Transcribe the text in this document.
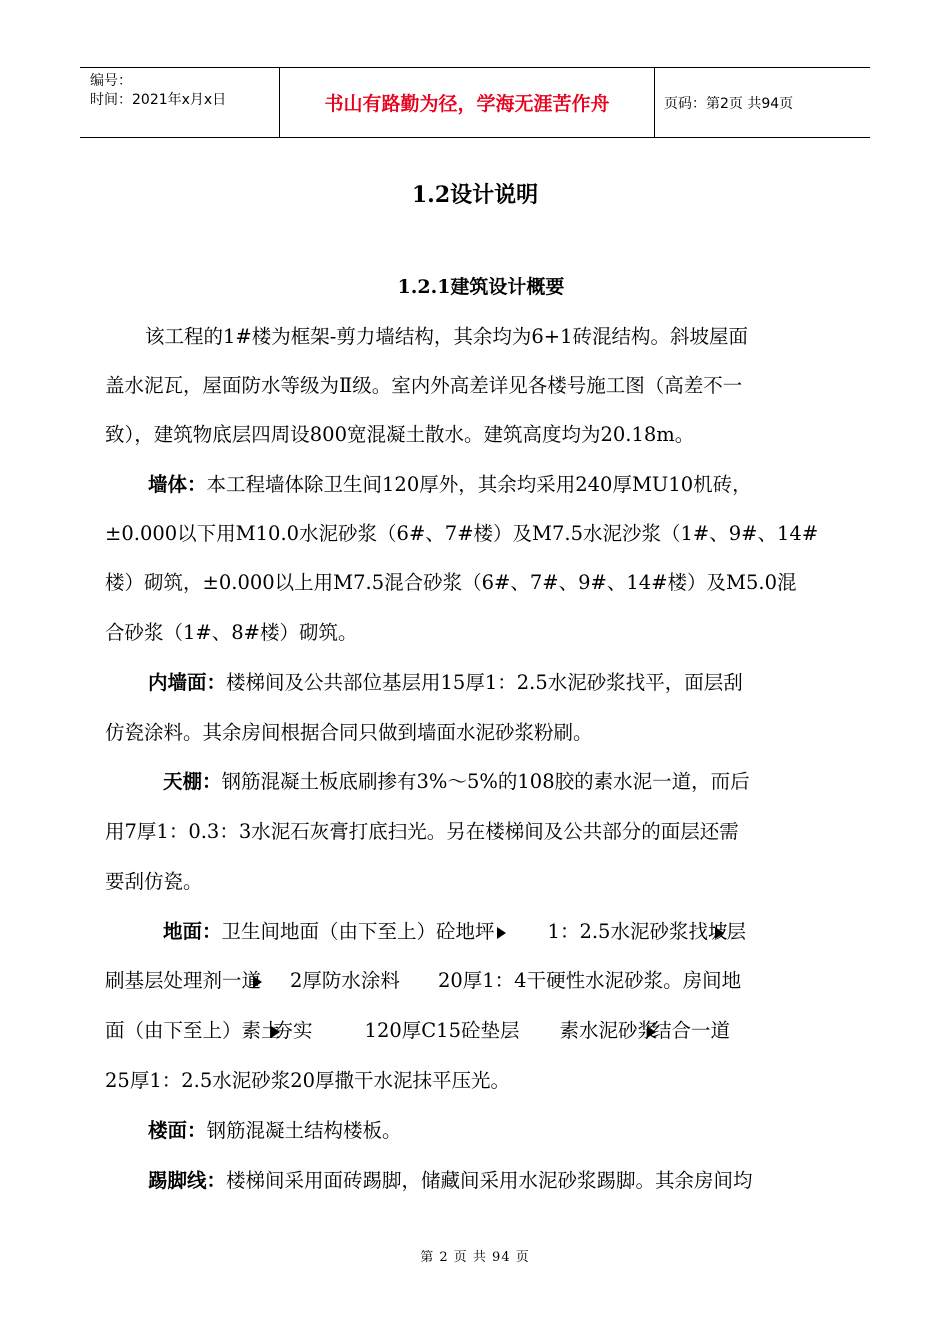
编号：
时间：2021年x月x日	书山有路勤为径，学海无涯苦作舟	页码：第2页 共94页
1.2设计说明
1.2.1建筑设计概要
该工程的1#楼为框架-剪力墙结构，其余均为6+1砖混结构。斜坡屋面
盖水泥瓦，屋面防水等级为Ⅱ级。室内外高差详见各楼号施工图（高差不一
致），建筑物底层四周设800宽混凝土散水。建筑高度均为20.18m。
墙体：本工程墙体除卫生间120厚外，其余均采用240厚MU10机砖，
±0.000以下用M10.0水泥砂浆（6#、7#楼）及M7.5水泥沙浆（1#、9#、14#
楼）砌筑，±0.000以上用M7.5混合砂浆（6#、7#、9#、14#楼）及M5.0混
合砂浆（1#、8#楼）砌筑。
内墙面：楼梯间及公共部位基层用15厚1：2.5水泥砂浆找平，面层刮
仿瓷涂料。其余房间根据合同只做到墙面水泥砂浆粉刷。
天棚：钢筋混凝土板底刷掺有3%～5%的108胶的素水泥一道，而后
用7厚1：0.3：3水泥石灰膏打底扫光。另在楼梯间及公共部分的面层还需
要刮仿瓷。
地面：卫生间地面（由下至上）砼地坪	1：2.5水泥砂浆找坡层
刷基层处理剂一道 2厚防水涂料 20厚1：4干硬性水泥砂浆。房间地
面（由下至上）素土夯实	120厚C15砼垫层 素水泥砂浆结合一道
25厚1：2.5水泥砂浆20厚撒干水泥抹平压光。
楼面：钢筋混凝土结构楼板。
踢脚线：楼梯间采用面砖踢脚，储藏间采用水泥砂浆踢脚。其余房间均
第 2 页 共 94 页
